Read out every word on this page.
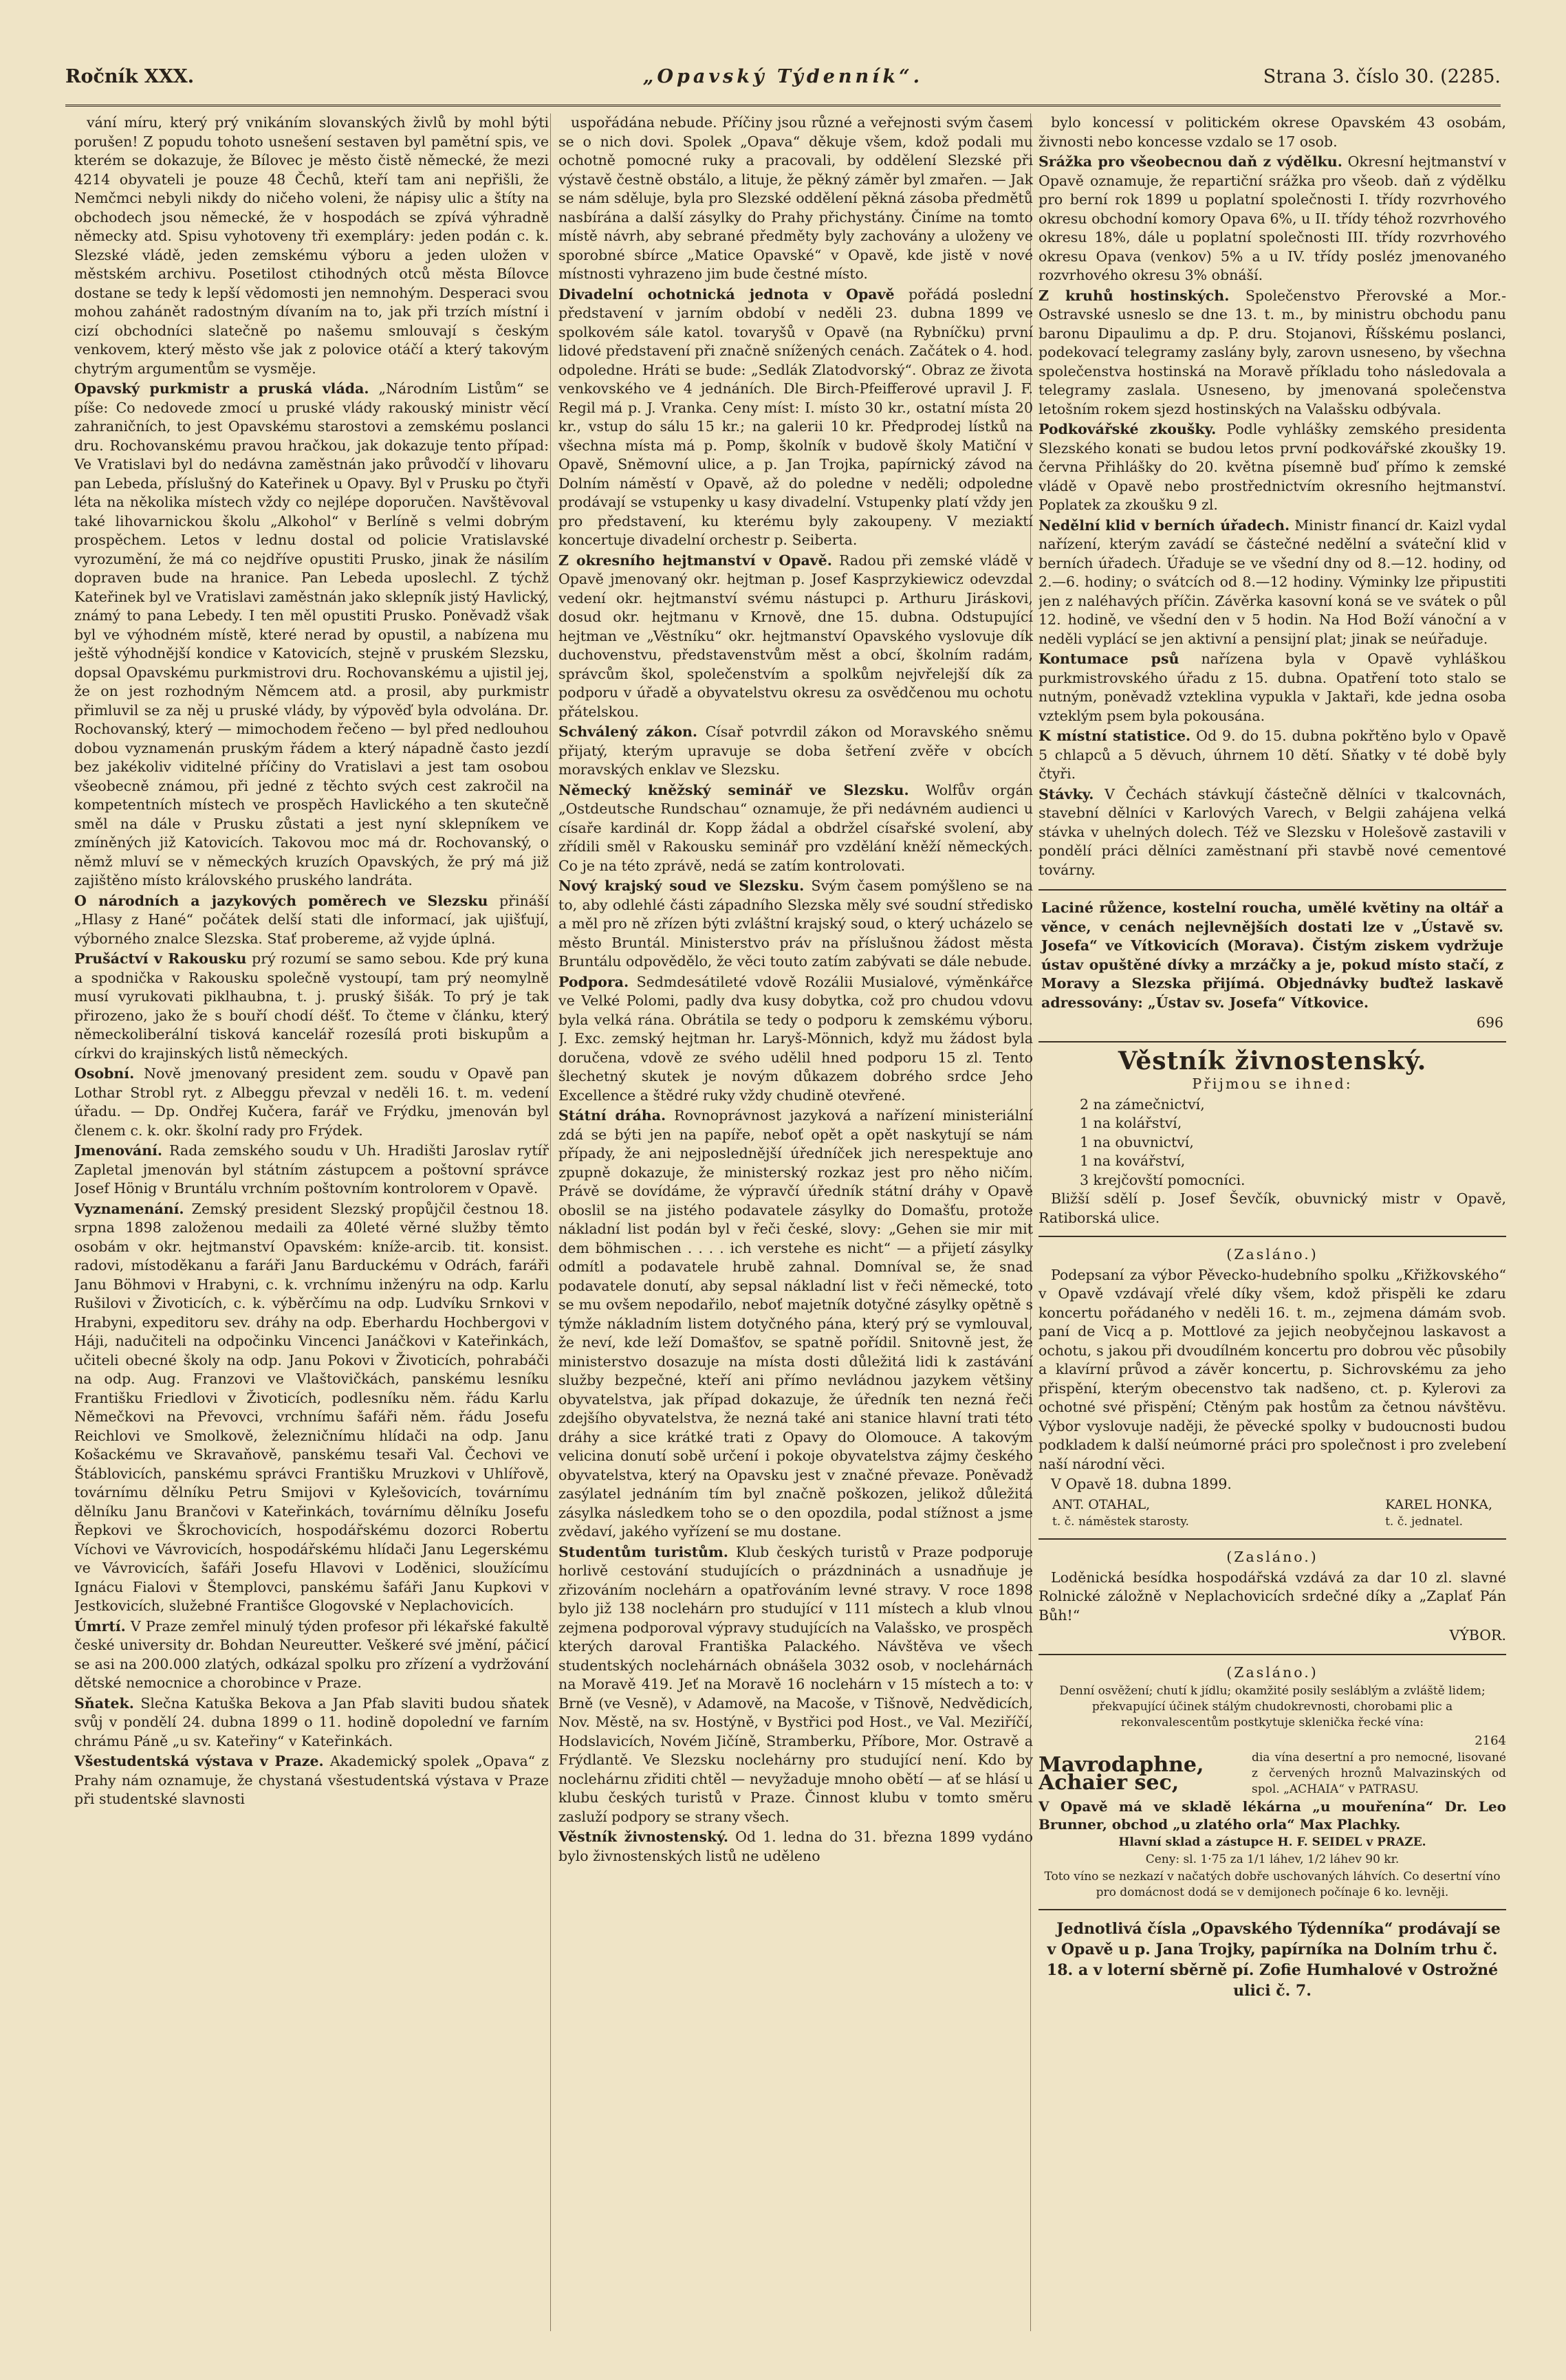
Ročník XXX.	„Opavský Týdenník“.	Strana 3. číslo 30. (2285.

vání míru, který prý vnikáním slovanských živlů by mohl býti porušen! Z popudu tohoto usnešení sestaven byl pamětní spis, ve kterém se dokazuje, že Bílovec je město čistě německé, že mezi 4214 obyvateli je pouze 48 Čechů, kteří tam ani nepřišli, že Nemčmci nebyli nikdy do ničeho voleni, že nápisy ulic a štíty na obchodech jsou německé, že v hospodách se zpívá výhradně německy atd. Spisu vyhotoveny tři exempláry: jeden podán c. k. Slezské vládě, jeden zemskému výboru a jeden uložen v městském archivu. Posetilost ctihodných otců města Bílovce dostane se tedy k lepší vědomosti jen nemnohým. Desperaci svou mohou zahánět radostným dívaním na to, jak při trzích místní i cizí obchodníci slatečně po našemu smlouvají s českým venkovem, který město vše jak z polovice otáčí a který takovým chytrým argumentům se vysměje.

Opavský purkmistr a pruská vláda. „Národním Listům“ se píše: Co nedovede zmocí u pruské vlády rakouský ministr věcí zahraničních, to jest Opavskému starostovi a zemskému poslanci dru. Rochovanskému pravou hračkou, jak dokazuje tento případ: Ve Vratislavi byl do nedávna zaměstnán jako průvodčí v lihovaru pan Lebeda, příslušný do Kateřinek u Opavy. Byl v Prusku po čtyři léta na několika místech vždy co nejlépe doporučen. Navštěvoval také lihovarnickou školu „Alkohol“ v Berlíně s velmi dobrým prospěchem. Letos v lednu dostal od policie Vratislavské vyrozumění, že má co nejdříve opustiti Prusko, jinak že násilím dopraven bude na hranice. Pan Lebeda uposlechl. Z týchž Kateřinek byl ve Vratislavi zaměstnán jako sklepník jistý Havlický, známý to pana Lebedy. I ten měl opustiti Prusko. Poněvadž však byl ve výhodném místě, které nerad by opustil, a nabízena mu ještě výhodnější kondice v Katovicích, stejně v pruském Slezsku, dopsal Opavskému purkmistrovi dru. Rochovanskému a ujistil jej, že on jest rozhodným Němcem atd. a prosil, aby purkmistr přimluvil se za něj u pruské vlády, by výpověď byla odvolána. Dr. Rochovanský, který — mimochodem řečeno — byl před nedlouhou dobou vyznamenán pruským řádem a který nápadně často jezdí bez jakékoliv viditelné příčiny do Vratislavi a jest tam osobou všeobecně známou, při jedné z těchto svých cest zakročil na kompetentních místech ve prospěch Havlického a ten skutečně směl na dále v Prusku zůstati a jest nyní sklepníkem ve zmíněných již Katovicích. Takovou moc má dr. Rochovanský, o němž mluví se v německých kruzích Opavských, že prý má již zajištěno místo královského pruského landráta.

O národních a jazykových poměrech ve Slezsku přináší „Hlasy z Hané“ počátek delší stati dle informací, jak ujišťují, výborného znalce Slezska. Stať probereme, až vyjde úplná.

Prušáctví v Rakousku prý rozumí se samo sebou. Kde prý kuna a spodnička v Rakousku společně vystoupí, tam prý neomylně musí vyrukovati piklhaubna, t. j. pruský šišák. To prý je tak přirozeno, jako že s bouří chodí déšť. To čteme v článku, který německoliberální tisková kancelář rozesílá proti biskupům a církvi do krajinských listů německých.

Osobní. Nově jmenovaný president zem. soudu v Opavě pan Lothar Strobl ryt. z Albeggu převzal v neděli 16. t. m. vedení úřadu. — Dp. Ondřej Kučera, farář ve Frýdku, jmenován byl členem c. k. okr. školní rady pro Frýdek.

Jmenování. Rada zemského soudu v Uh. Hradišti Jaroslav rytíř Zapletal jmenován byl státním zástupcem a poštovní správce Josef Hönig v Bruntálu vrchním poštovním kontrolorem v Opavě.

Vyznamenání. Zemský president Slezský propůjčil čestnou 18. srpna 1898 založenou medaili za 40leté věrné služby těmto osobám v okr. hejtmanství Opavském: kníže-arcib. tit. konsist. radovi, místoděkanu a faráři Janu Barduckému v Odrách, faráři Janu Böhmovi v Hrabyni, c. k. vrchnímu inženýru na odp. Karlu Rušilovi v Životicích, c. k. výběrčímu na odp. Ludvíku Srnkovi v Hrabyni, expeditoru sev. dráhy na odp. Eberhardu Hochbergovi v Háji, nadučiteli na odpočinku Vincenci Janáčkovi v Kateřinkách, učiteli obecné školy na odp. Janu Pokovi v Životicích, pohrabáči na odp. Aug. Franzovi ve Vlaštovičkách, panskému lesníku Františku Friedlovi v Životicích, podlesníku něm. řádu Karlu Němečkovi na Převovci, vrchnímu šafáři něm. řádu Josefu Reichlovi ve Smolkově, železničnímu hlídači na odp. Janu Košackému ve Skravaňově, panskému tesaři Val. Čechovi ve Štáblovicích, panskému správci Františku Mruzkovi v Uhlířově, továrnímu dělníku Petru Smijovi v Kylešovicích, továrnímu dělníku Janu Brančovi v Kateřinkách, továrnímu dělníku Josefu Řepkovi ve Škrochovicích, hospodářskému dozorci Robertu Víchovi ve Vávrovicích, hospodářskému hlídači Janu Legerskému ve Vávrovicích, šafáři Josefu Hlavovi v Loděnici, sloužícímu Ignácu Fialovi v Štemplovci, panskému šafáři Janu Kupkovi v Jestkovicích, služebné Františce Glogovské v Neplachovicích.

Úmrtí. V Praze zemřel minulý týden profesor při lékařské fakultě české university dr. Bohdan Neureutter. Veškeré své jmění, páčicí se asi na 200.000 zlatých, odkázal spolku pro zřízení a vydržování dětské nemocnice a chorobince v Praze.

Sňatek. Slečna Katuška Bekova a Jan Pfab slaviti budou sňatek svůj v pondělí 24. dubna 1899 o 11. hodině dopolední ve farním chrámu Páně „u sv. Kateřiny“ v Kateřinkách.

Všestudentská výstava v Praze. Akademický spolek „Opava“ z Prahy nám oznamuje, že chystaná všestudentská výstava v Praze při studentské slavnosti

uspořádána nebude. Příčiny jsou různé a veřejnosti svým časem se o nich dovi. Spolek „Opava“ děkuje všem, kdož podali mu ochotně pomocné ruky a pracovali, by oddělení Slezské při výstavě čestně obstálo, a lituje, že pěkný záměr byl zmařen. — Jak se nám sděluje, byla pro Slezské oddělení pěkná zásoba předmětů nasbírána a další zásylky do Prahy přichystány. Činíme na tomto místě návrh, aby sebrané předměty byly zachovány a uloženy ve sporobné sbírce „Matice Opavské“ v Opavě, kde jistě v nové místnosti vyhrazeno jim bude čestné místo.

Divadelní ochotnická jednota v Opavě pořádá poslední představení v jarním období v neděli 23. dubna 1899 ve spolkovém sále katol. tovaryšů v Opavě (na Rybníčku) první lidové představení při značně snížených cenách. Začátek o 4. hod. odpoledne. Hráti se bude: „Sedlák Zlatodvorský“. Obraz ze života venkovského ve 4 jednáních. Dle Birch-Pfeifferové upravil J. F. Regil má p. J. Vranka. Ceny míst: I. místo 30 kr., ostatní místa 20 kr., vstup do sálu 15 kr.; na galerii 10 kr. Předprodej lístků na všechna místa má p. Pomp, školník v budově školy Matiční v Opavě, Sněmovní ulice, a p. Jan Trojka, papírnický závod na Dolním náměstí v Opavě, až do poledne v neděli; odpoledne prodávají se vstupenky u kasy divadelní. Vstupenky platí vždy jen pro představení, ku kterému byly zakoupeny. V meziaktí koncertuje divadelní orchestr p. Seiberta.

Z okresního hejtmanství v Opavě. Radou při zemské vládě v Opavě jmenovaný okr. hejtman p. Josef Kasprzykiewicz odevzdal vedení okr. hejtmanství svému nástupci p. Arthuru Jiráskovi, dosud okr. hejtmanu v Krnově, dne 15. dubna. Odstupující hejtman ve „Věstníku“ okr. hejtmanství Opavského vyslovuje dík duchovenstvu, představenstvům měst a obcí, školním radám, správcům škol, společenstvím a spolkům nejvřelejší dík za podporu v úřadě a obyvatelstvu okresu za osvědčenou mu ochotu přátelskou.

Schválený zákon. Císař potvrdil zákon od Moravského sněmu přijatý, kterým upravuje se doba šetření zvěře v obcích moravských enklav ve Slezsku.

Německý kněžský seminář ve Slezsku. Wolfův orgán „Ostdeutsche Rundschau“ oznamuje, že při nedávném audienci u císaře kardinál dr. Kopp žádal a obdržel císařské svolení, aby zřídili směl v Rakousku seminář pro vzdělání kněží německých. Co je na této zprávě, nedá se zatím kontrolovati.

Nový krajský soud ve Slezsku. Svým časem pomýšleno se na to, aby odlehlé části západního Slezska měly své soudní středisko a měl pro ně zřízen býti zvláštní krajský soud, o který ucházelo se město Bruntál. Ministerstvo práv na příslušnou žádost města Bruntálu odpovědělo, že věci touto zatím zabývati se dále nebude.

Podpora. Sedmdesátileté vdově Rozálii Musialové, výměnkářce ve Velké Polomi, padly dva kusy dobytka, což pro chudou vdovu byla velká rána. Obrátila se tedy o podporu k zemskému výboru. J. Exc. zemský hejtman hr. Laryš-Mönnich, když mu žádost byla doručena, vdově ze svého udělil hned podporu 15 zl. Tento šlechetný skutek je novým důkazem dobrého srdce Jeho Excellence a štědré ruky vždy chudině otevřené.

Státní dráha. Rovnoprávnost jazyková a nařízení ministeriální zdá se býti jen na papíře, neboť opět a opět naskytují se nám případy, že ani nejposlednější úředníček jich nerespektuje ano zpupně dokazuje, že ministerský rozkaz jest pro něho ničím. Právě se dovídáme, že výpravčí úředník státní dráhy v Opavě oboslil se na jistého podavatele zásylky do Domašťu, protože nákladní list podán byl v řeči české, slovy: „Gehen sie mir mit dem böhmischen . . . . ich verstehe es nicht“ — a přijetí zásylky odmítl a podavatele hrubě zahnal. Domníval se, že snad podavatele donutí, aby sepsal nákladní list v řeči německé, toto se mu ovšem nepodařilo, neboť majetník dotyčné zásylky opětně s týmže nákladním listem dotyčného pána, který prý se vymlouval, že neví, kde leží Domašťov, se spatně pořídil. Snitovně jest, že ministerstvo dosazuje na místa dosti důležitá lidi k zastávání služby bezpečné, kteří ani přímo nevládnou jazykem většiny obyvatelstva, jak případ dokazuje, že úředník ten nezná řeči zdejšího obyvatelstva, že nezná také ani stanice hlavní trati této dráhy a sice krátké trati z Opavy do Olomouce. A takovým velicina donutí sobě určení i pokoje obyvatelstva zájmy českého obyvatelstva, který na Opavsku jest v značné převaze. Poněvadž zasýlatel jednáním tím byl značně poškozen, jelikož důležitá zásylka následkem toho se o den opozdila, podal stížnost a jsme zvědaví, jakého vyřízení se mu dostane.

Studentům turistům. Klub českých turistů v Praze podporuje horlivě cestování studujících o prázdninách a usnadňuje je zřizováním noclehárn a opatřováním levné stravy. V roce 1898 bylo již 138 noclehárn pro studující v 111 místech a klub vlnou zejmena podporoval výpravy studujících na Valašsko, ve prospěch kterých daroval Františka Palackého. Návštěva ve všech studentských noclehárnách obnášela 3032 osob, v noclehárnách na Moravě 419. Jeť na Moravě 16 noclehárn v 15 místech a to: v Brně (ve Vesně), v Adamově, na Macoše, v Tišnově, Nedvědicích, Nov. Městě, na sv. Hostýně, v Bystřici pod Host., ve Val. Meziříčí, Hodslavicích, Novém Jičíně, Stramberku, Příbore, Mor. Ostravě a Frýdlantě. Ve Slezsku noclehárny pro studující není. Kdo by noclehárnu zřiditi chtěl — nevyžaduje mnoho obětí — ať se hlásí u klubu českých turistů v Praze. Činnost klubu v tomto směru zasluží podpory se strany všech.

Věstník živnostenský. Od 1. ledna do 31. března 1899 vydáno bylo živnostenských listů ne uděleno

bylo koncessí v politickém okrese Opavském 43 osobám, živnosti nebo koncesse vzdalo se 17 osob.

Srážka pro všeobecnou daň z výdělku. Okresní hejtmanství v Opavě oznamuje, že repartiční srážka pro všeob. daň z výdělku pro berní rok 1899 u poplatní společnosti I. třídy rozvrhového okresu obchodní komory Opava 6%, u II. třídy téhož rozvrhového okresu 18%, dále u poplatní společnosti III. třídy rozvrhového okresu Opava (venkov) 5% a u IV. třídy posléz jmenovaného rozvrhového okresu 3% obnáší.

Z kruhů hostinských. Společenstvo Přerovské a Mor.-Ostravské usneslo se dne 13. t. m., by ministru obchodu panu baronu Dipaulimu a dp. P. dru. Stojanovi, Říšskému poslanci, podekovací telegramy zaslány byly, zarovn usneseno, by všechna společenstva hostinská na Moravě příkladu toho následovala a telegramy zaslala. Usneseno, by jmenovaná společenstva letošním rokem sjezd hostinských na Valašsku odbývala.

Podkovářské zkoušky. Podle vyhlášky zemského presidenta Slezského konati se budou letos první podkovářské zkoušky 19. června Přihlášky do 20. května písemně buď přímo k zemské vládě v Opavě nebo prostřednictvím okresního hejtmanství. Poplatek za zkoušku 9 zl.

Nedělní klid v berních úřadech. Ministr financí dr. Kaizl vydal nařízení, kterým zavádí se částečné nedělní a sváteční klid v berních úřadech. Úřaduje se ve všední dny od 8.—12. hodiny, od 2.—6. hodiny; o svátcích od 8.—12 hodiny. Výminky lze připustiti jen z naléhavých příčin. Závěrka kasovní koná se ve svátek o půl 12. hodině, ve všední den v 5 hodin. Na Hod Boží vánoční a v neděli vyplácí se jen aktivní a pensijní plat; jinak se neúřaduje.

Kontumace psů nařízena byla v Opavě vyhláškou purkmistrovského úřadu z 15. dubna. Opatření toto stalo se nutným, poněvadž vzteklina vypukla v Jaktaři, kde jedna osoba vzteklým psem byla pokousána.

K místní statistice. Od 9. do 15. dubna pokřtěno bylo v Opavě 5 chlapců a 5 děvuch, úhrnem 10 dětí. Sňatky v té době byly čtyři.

Stávky. V Čechách stávkují částečně dělníci v tkalcovnách, stavební dělníci v Karlových Varech, v Belgii zahájena velká stávka v uhelných dolech. Též ve Slezsku v Holešově zastavili v pondělí práci dělníci zaměstnaní při stavbě nové cementové továrny.

Laciné růžence, kostelní roucha, umělé květiny na oltář a věnce, v cenách nejlevnějších dostati lze v „Ústavě sv. Josefa“ ve Vítkovicích (Morava). Čistým ziskem vydržuje ústav opuštěné dívky a mrzáčky a je, pokud místo stačí, z Moravy a Slezska přijímá. Objednávky buďtež laskavě adressovány: „Ústav sv. Josefa“ Vítkovice.

696
Věstník živnostenský.

Přijmou se ihned:

2 na zámečnictví,
1 na kolářství,
1 na obuvnictví,
1 na kovářství,
3 krejčovští pomocníci.

Bližší sdělí p. Josef Ševčík, obuvnický mistr v Opavě, Ratiborská ulice.

(Zasláno.)

Podepsaní za výbor Pěvecko-hudebního spolku „Křižkovského“ v Opavě vzdávají vřelé díky všem, kdož přispěli ke zdaru koncertu pořádaného v neděli 16. t. m., zejmena dámám svob. paní de Vicq a p. Mottlové za jejich neobyčejnou laskavost a ochotu, s jakou při dvoudílném koncertu pro dobrou věc působily a klavírní průvod a závěr koncertu, p. Sichrovskému za jeho přispění, kterým obecenstvo tak nadšeno, ct. p. Kylerovi za ochotné své přispění; Ctěným pak hostům za četnou návštěvu. Výbor vyslovuje naději, že pěvecké spolky v budoucnosti budou podkladem k další neúmorné práci pro společnost i pro zvelebení naší národní věci.

V Opavě 18. dubna 1899.

ANT. OTAHAL,
t. č. náměstek starosty.
KAREL HONKA,
t. č. jednatel.

(Zasláno.)

Loděnická besídka hospodářská vzdává za dar 10 zl. slavné Rolnické záložně v Neplachovicích srdečné díky a „Zaplať Pán Bůh!“

VÝBOR.

(Zasláno.)

Denní osvěžení; chutí k jídlu; okamžité posily sesláblým a zvláště lidem; překvapující účinek stálým chudokrevnosti, chorobami plic a rekonvalescentům postkytuje sklenička řecké vína:

2164
Mavrodaphne, Achaier sec,
dia vína desertní a pro nemocné, lisované z červených hroznů Malvazinských od spol. „ACHAIA“ v PATRASU.

V Opavě má ve skladě lékárna „u mouřenína“ Dr. Leo Brunner, obchod „u zlatého orla“ Max Plachky.

Hlavní sklad a zástupce H. F. SEIDEL v PRAZE.

Ceny: sl. 1·75 za 1/1 láhev, 1/2 láhev 90 kr.

Toto víno se nezkazí v načatých dobře uschovaných láhvích. Co desertní víno pro domácnost dodá se v demijonech počínaje 6 ko. levněji.

Jednotlivá čísla „Opavského Týdenníka“ prodávají se v Opavě u p. Jana Trojky, papírníka na Dolním trhu č. 18. a v loterní sběrně pí. Zofie Humhalové v Ostrožné ulici č. 7.
